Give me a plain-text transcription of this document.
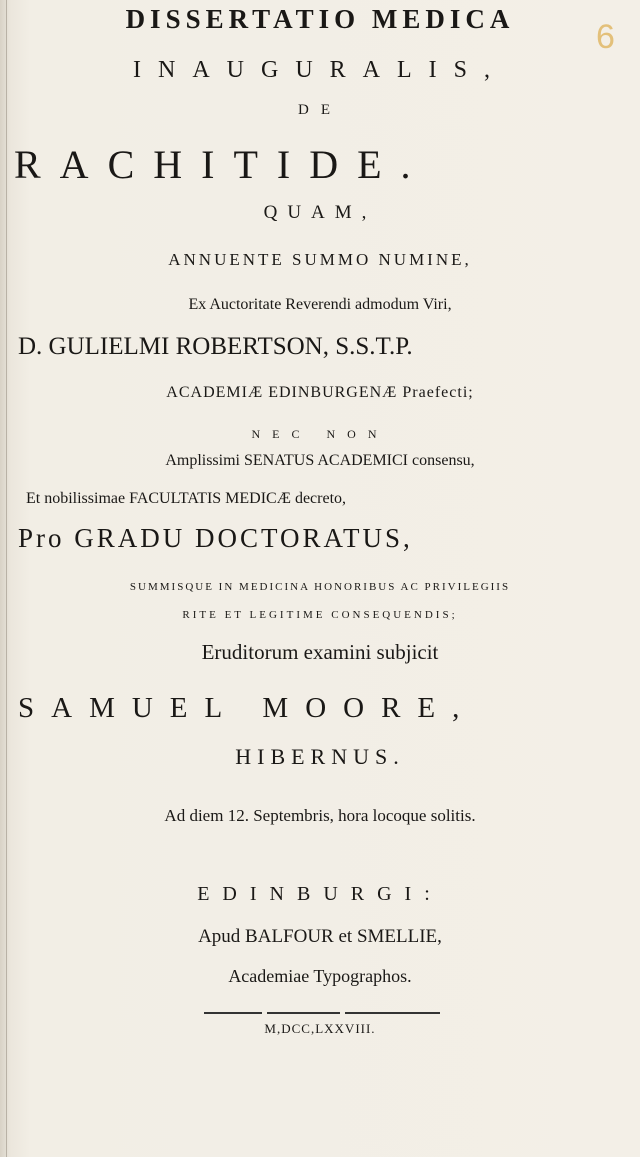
6
DISSERTATIO MEDICA
INAUGURALIS,
DE
RACHITIDE.
QUAM,
ANNUENTE SUMMO NUMINE,
Ex Auctoritate Reverendi admodum Viri,
D. GULIELMI ROBERTSON, S.S.T.P.
ACADEMIÆ EDINBURGENÆ Praefecti;
NEC NON
Amplissimi SENATUS ACADEMICI consensu,
Et nobilissimae FACULTATIS MEDICÆ decreto,
Pro GRADU DOCTORATUS,
SUMMISQUE IN MEDICINA HONORIBUS AC PRIVILEGIIS
RITE ET LEGITIME CONSEQUENDIS;
Eruditorum examini subjicit
SAMUEL MOORE,
HIBERNUS.
Ad diem 12. Septembris, hora locoque solitis.
EDINBURGI:
Apud BALFOUR et SMELLIE,
Academiae Typographos.
M,DCC,LXXVIII.
